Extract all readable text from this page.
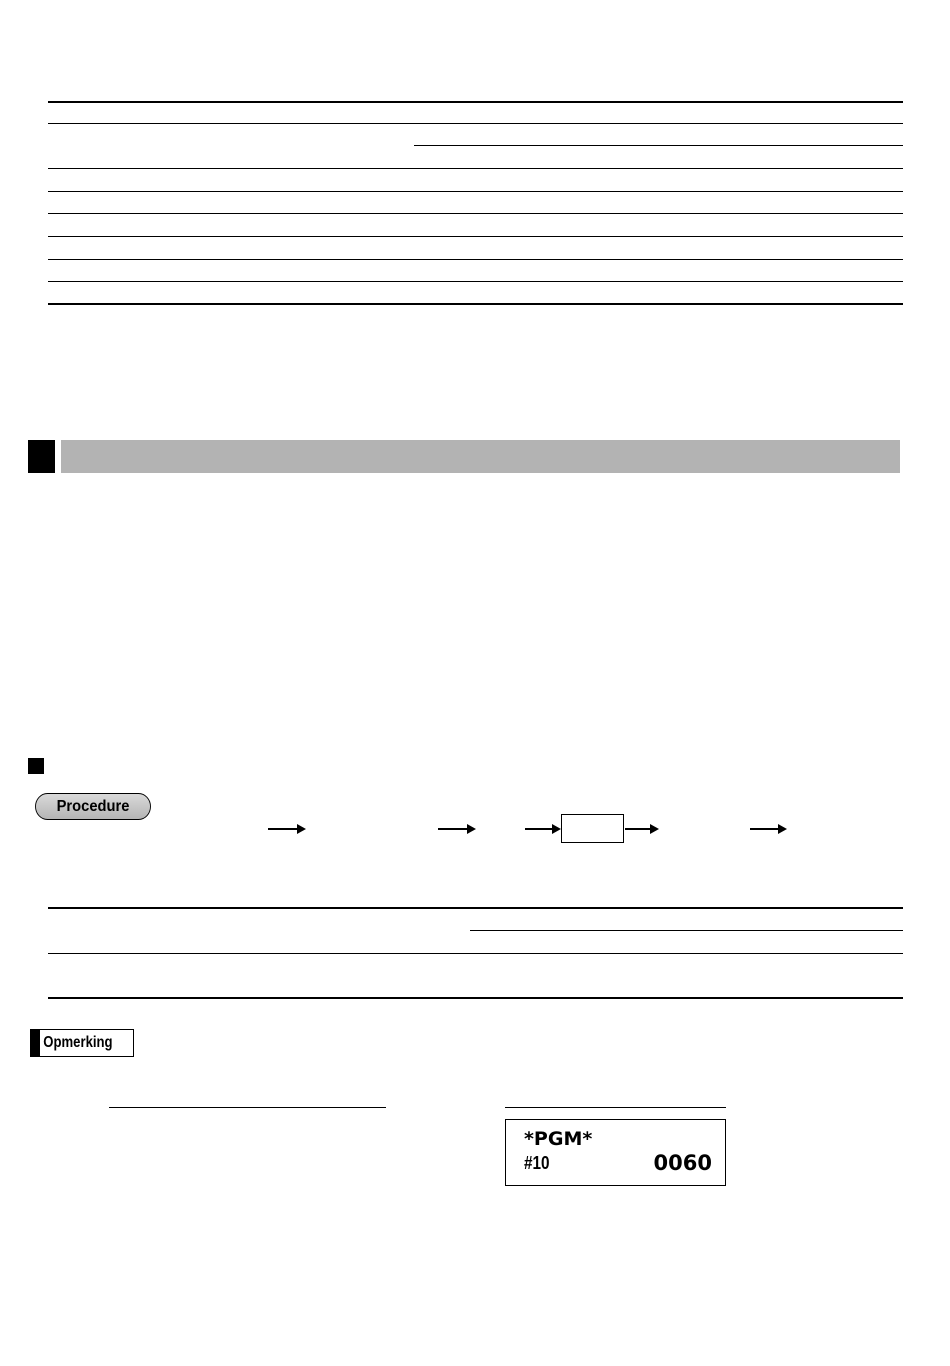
Procedure
Opmerking
*PGM*
#10	0060
